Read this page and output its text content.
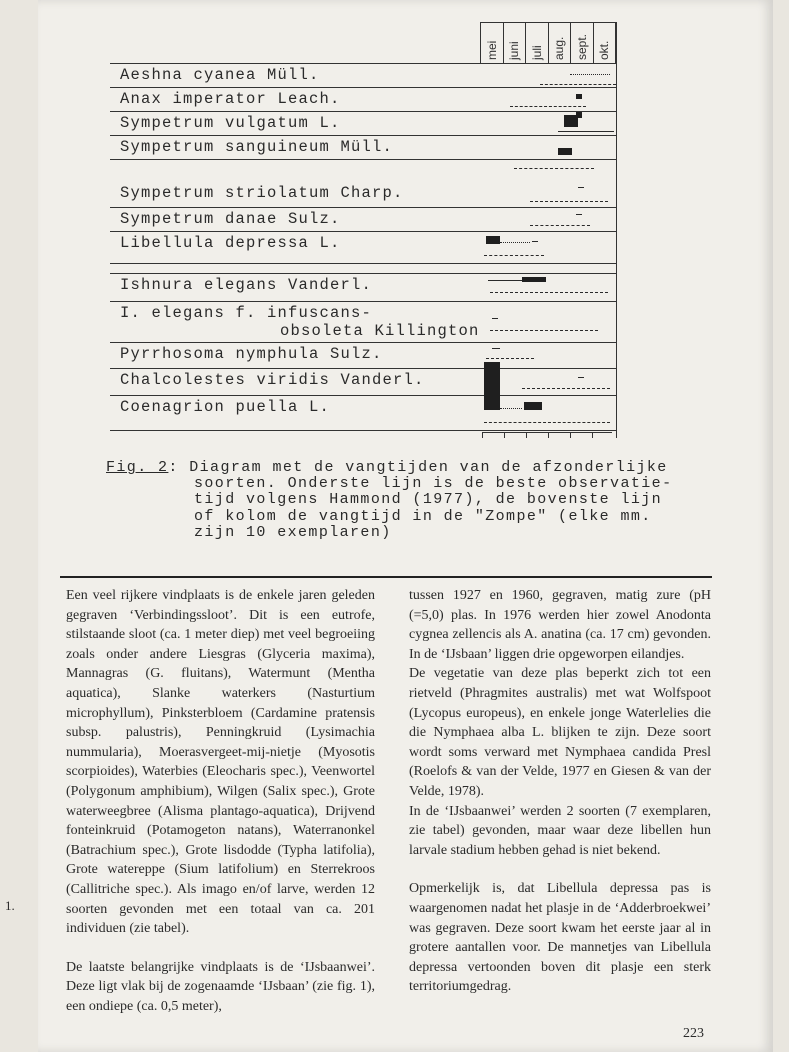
mei juni juli aug. sept. okt.
Aeshna cyanea Müll.
Anax imperator Leach.
Sympetrum vulgatum L.
Sympetrum sanguineum Müll.
Sympetrum striolatum Charp.
Sympetrum danae Sulz.
Libellula depressa L.
Ishnura elegans Vanderl.
I. elegans f. infuscans-
obsoleta Killington
Pyrrhosoma nymphula Sulz.
Chalcolestes viridis Vanderl.
Coenagrion puella L.
Fig. 2: Diagram met de vangtijden van de afzonderlijke
soorten. Onderste lijn is de beste observatie-
tijd volgens Hammond (1977), de bovenste lijn
of kolom de vangtijd in de "Zompe" (elke mm.
zijn 10 exemplaren)

Een veel rijkere vindplaats is de enkele jaren geleden gegraven ‘Verbindingssloot’. Dit is een eutrofe, stilstaande sloot (ca. 1 meter diep) met veel begroeiing zoals onder andere Liesgras (Glyceria maxima), Mannagras (G. fluitans), Watermunt (Mentha aquatica), Slanke waterkers (Nasturtium microphyllum), Pinksterbloem (Cardamine pratensis subsp. palustris), Penningkruid (Lysimachia nummularia), Moerasvergeet-mij-nietje (Myosotis scorpioides), Waterbies (Eleocharis spec.), Veenwortel (Polygonum amphibium), Wilgen (Salix spec.), Grote waterweegbree (Alisma plantago-aquatica), Drijvend fonteinkruid (Potamogeton natans), Waterranonkel (Batrachium spec.), Grote lisdodde (Typha latifolia), Grote watereppe (Sium latifolium) en Sterrekroos (Callitriche spec.). Als imago en/of larve, werden 12 soorten gevonden met een totaal van ca. 201 individuen (zie tabel).

De laatste belangrijke vindplaats is de ‘IJsbaanwei’. Deze ligt vlak bij de zogenaamde ‘IJsbaan’ (zie fig. 1), een ondiepe (ca. 0,5 meter),

tussen 1927 en 1960, gegraven, matig zure (pH (=5,0) plas. In 1976 werden hier zowel Anodonta cygnea zellencis als A. anatina (ca. 17 cm) gevonden. In de ‘IJsbaan’ liggen drie opgeworpen eilandjes.

De vegetatie van deze plas beperkt zich tot een rietveld (Phragmites australis) met wat Wolfspoot (Lycopus europeus), en enkele jonge Waterlelies die die Nymphaea alba L. blijken te zijn. Deze soort wordt soms verward met Nymphaea candida Presl (Roelofs & van der Velde, 1977 en Giesen & van der Velde, 1978).

In de ‘IJsbaanwei’ werden 2 soorten (7 exemplaren, zie tabel) gevonden, maar waar deze libellen hun larvale stadium hebben gehad is niet bekend.

Opmerkelijk is, dat Libellula depressa pas is waargenomen nadat het plasje in de ‘Adderbroekwei’ was gegraven. Deze soort kwam het eerste jaar al in grotere aantallen voor. De mannetjes van Libellula depressa vertoonden boven dit plasje een sterk territoriumgedrag.

223
1.
